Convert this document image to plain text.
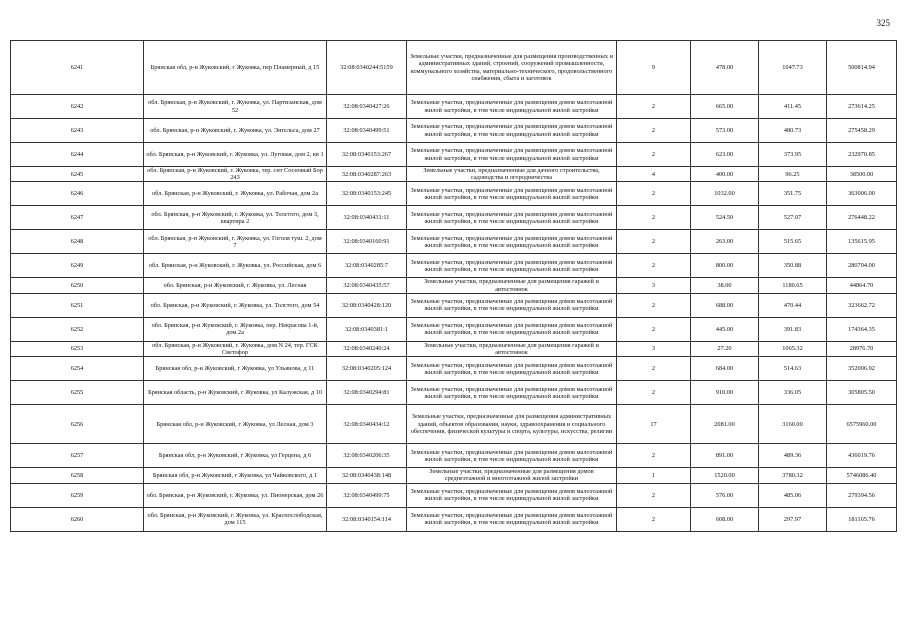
325
6241	Брянская обл, р-н Жуковский, г Жуковка, пер Пламерный, д 15	32:08:0340244:5159	Земельные участки, предназначенные для размещения производственных и административных зданий, строений, сооружений промышленности, коммунального хозяйства, материально-технического, продовольственного снабжения, сбыта и заготовок	9	478.00	1047.73	500814.94
6242	обл. Брянская, р-н Жуковский, г. Жуковка, ул. Партизанская, дом 52	32:08:0340427:26	Земельные участки, предназначенные для размещения домов малоэтажной жилой застройки, в том числе индивидуальной жилой застройки	2	665.00	411.45	273614.25
6243	обл. Брянская, р-н Жуковский, г. Жуковка, ул. Энгельса, дом 27	32:08:0340499:51	Земельные участки, предназначенные для размещения домов малоэтажной жилой застройки, в том числе индивидуальной жилой застройки	2	573.00	480.73	275458.29
6244	обл. Брянская, р-н Жуковский, г. Жуковка, ул. Луговая, дом 2, кв 1	32:08:0340153:267	Земельные участки, предназначенные для размещения домов малоэтажной жилой застройки, в том числе индивидуальной жилой застройки	2	623.00	373.95	232970.85
6245	обл. Брянская, р-н Жуковский, г. Жуковка, тер. снт Сосновый Бор 243	32:08:0340287:263	Земельные участки, предназначенные для дачного строительства, садоводства и огородничества	4	400.00	96.25	38500.00
6246	обл. Брянская, р-н Жуковский, г. Жуковка, ул. Рабочая, дом 2а	32:08:0340153:245	Земельные участки, предназначенные для размещения домов малоэтажной жилой застройки, в том числе индивидуальной жилой застройки	2	1032.00	351.75	363006.00
6247	обл. Брянская, р-н Жуковский, г. Жуковка, ул. Толстого, дом 3, квартира 2	32:08:0340431:11	Земельные участки, предназначенные для размещения домов малоэтажной жилой застройки, в том числе индивидуальной жилой застройки	2	524.50	527.07	276448.22
6248	обл. Брянская, р-н Жуковский, г. Жуковка, ул. Гоголя туш. 2, дом 7	32:08:0340160:91	Земельные участки, предназначенные для размещения домов малоэтажной жилой застройки, в том числе индивидуальной жилой застройки	2	263.00	515.65	135615.95
6249	обл. Брянская, р-н Жуковский, г. Жуковка, ул. Российская, дом 6	32:08:0340285:7	Земельные участки, предназначенные для размещения домов малоэтажной жилой застройки, в том числе индивидуальной жилой застройки	2	800.00	350.88	280704.00
6250	обл. Брянская, р-н Жуковский, г. Жуковка, ул. Лесная	32:08:0340435:57	Земельные участки, предназначенные для размещения гаражей и автостоянок	3	38.00	1180.65	44864.70
6251	обл. Брянская, р-н Жуковский, г. Жуковка, ул. Толстого, дом 54	32:08:0340428:120	Земельные участки, предназначенные для размещения домов малоэтажной жилой застройки, в том числе индивидуальной жилой застройки	2	688.00	470.44	323662.72
6252	обл. Брянская, р-н Жуковский, г. Жуковка, пер. Некрасова 1-й, дом 2а	32:08:0340381:1	Земельные участки, предназначенные для размещения домов малоэтажной жилой застройки, в том числе индивидуальной жилой застройки	2	445.00	391.83	174364.35
6253	обл. Брянская, р-н Жуковский, г. Жуковка, дом N 24, тер. ГСК Светофор	32:08:0340240:24	Земельные участки, предназначенные для размещения гаражей и автостоянок	3	27.20	1065.32	28976.70
6254	Брянская обл, р-н Жуковский, г Жуковка, ул Ульянова, д 11	32:08:0340205:124	Земельные участки, предназначенные для размещения домов малоэтажной жилой застройки, в том числе индивидуальной жилой застройки	2	684.00	514.63	352006.92
6255	Брянская область, р-н Жуковский, г Жуковка, ул Калужская, д 10	32:08:0340294:81	Земельные участки, предназначенные для размещения домов малоэтажной жилой застройки, в том числе индивидуальной жилой застройки	2	910.00	336.05	305805.50
6256	Брянская обл, р-н Жуковский, г Жуковка, ул Лесная, дом 3	32:08:0340434:12	Земельные участки, предназначенные для размещения административных зданий, объектов образования, науки, здравоохранения и социального обеспечения, физической культуры и спорта, культуры, искусства, религии	17	2081.00	3160.00	6575960.00
6257	Брянская обл, р-н Жуковский, г Жуковка, ул Герцена, д 6	32:08:0340206:35	Земельные участки, предназначенные для размещения домов малоэтажной жилой застройки, в том числе индивидуальной жилой застройки	2	891.00	489.36	436019.76
6258	Брянская обл, р-н Жуковский, г Жуковка, ул Чайковского, д 1	32:08:0340438:148	Земельные участки, предназначенные для размещения домов среднеэтажной и многоэтажной жилой застройки	1	1520.00	3780.32	5746086.40
6259	обл. Брянская, р-н Жуковский, г. Жуковка, ул. Пионерская, дом 26	32:08:0340499:75	Земельные участки, предназначенные для размещения домов малоэтажной жилой застройки, в том числе индивидуальной жилой застройки	2	576.00	485.06	279394.56
6260	обл. Брянская, р-н Жуковский, г. Жуковка, ул. Краснослободская, дом 115	32:08:0340154:114	Земельные участки, предназначенные для размещения домов малоэтажной жилой застройки, в том числе индивидуальной жилой застройки	2	608.00	297.97	181165.76
